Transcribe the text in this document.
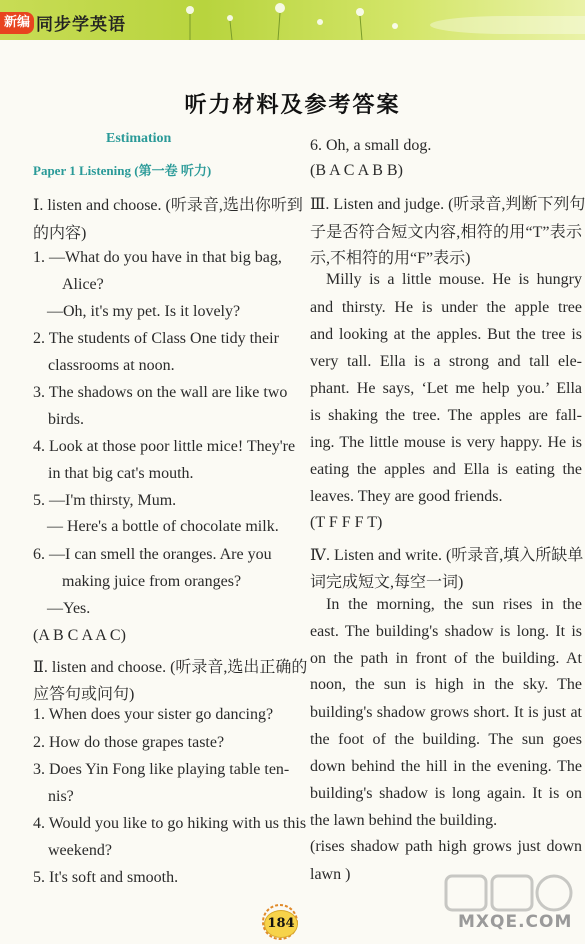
新编 同步学英语
听力材料及参考答案
Estimation
Paper 1 Listening (第一卷 听力)
Ⅰ. listen and choose. (听录音,选出你听到
的内容)
1. —What do you have in that big bag,
Alice?
—Oh, it's my pet. Is it lovely?
2. The students of Class One tidy their
classrooms at noon.
3. The shadows on the wall are like two
birds.
4. Look at those poor little mice! They're
in that big cat's mouth.
5. —I'm thirsty, Mum.
— Here's a bottle of chocolate milk.
6. —I can smell the oranges. Are you
making juice from oranges?
—Yes.
(A B C A A C)
Ⅱ. listen and choose. (听录音,选出正确的
应答句或问句)
1. When does your sister go dancing?
2. How do those grapes taste?
3. Does Yin Fong like playing table ten-
nis?
4. Would you like to go hiking with us this
weekend?
5. It's soft and smooth.
6. Oh, a small dog.
(B A C A B B)
Ⅲ. Listen and judge. (听录音,判断下列句
子是否符合短文内容,相符的用“T”表示
示,不相符的用“F”表示)
Milly is a little mouse. He is hungry
and thirsty. He is under the apple tree
and looking at the apples. But the tree is
very tall. Ella is a strong and tall ele-
phant. He says, ‘Let me help you.’ Ella
is shaking the tree. The apples are fall-
ing. The little mouse is very happy. He is
eating the apples and Ella is eating the
leaves. They are good friends.
(T F F F T)
Ⅳ. Listen and write. (听录音,填入所缺单
词完成短文,每空一词)
In the morning, the sun rises in the
east. The building's shadow is long. It is
on the path in front of the building. At
noon, the sun is high in the sky. The
building's shadow grows short. It is just at
the foot of the building. The sun goes
down behind the hill in the evening. The
building's shadow is long again. It is on
the lawn behind the building.
(rises shadow path high grows just down
lawn )
184	MXQE.COM
